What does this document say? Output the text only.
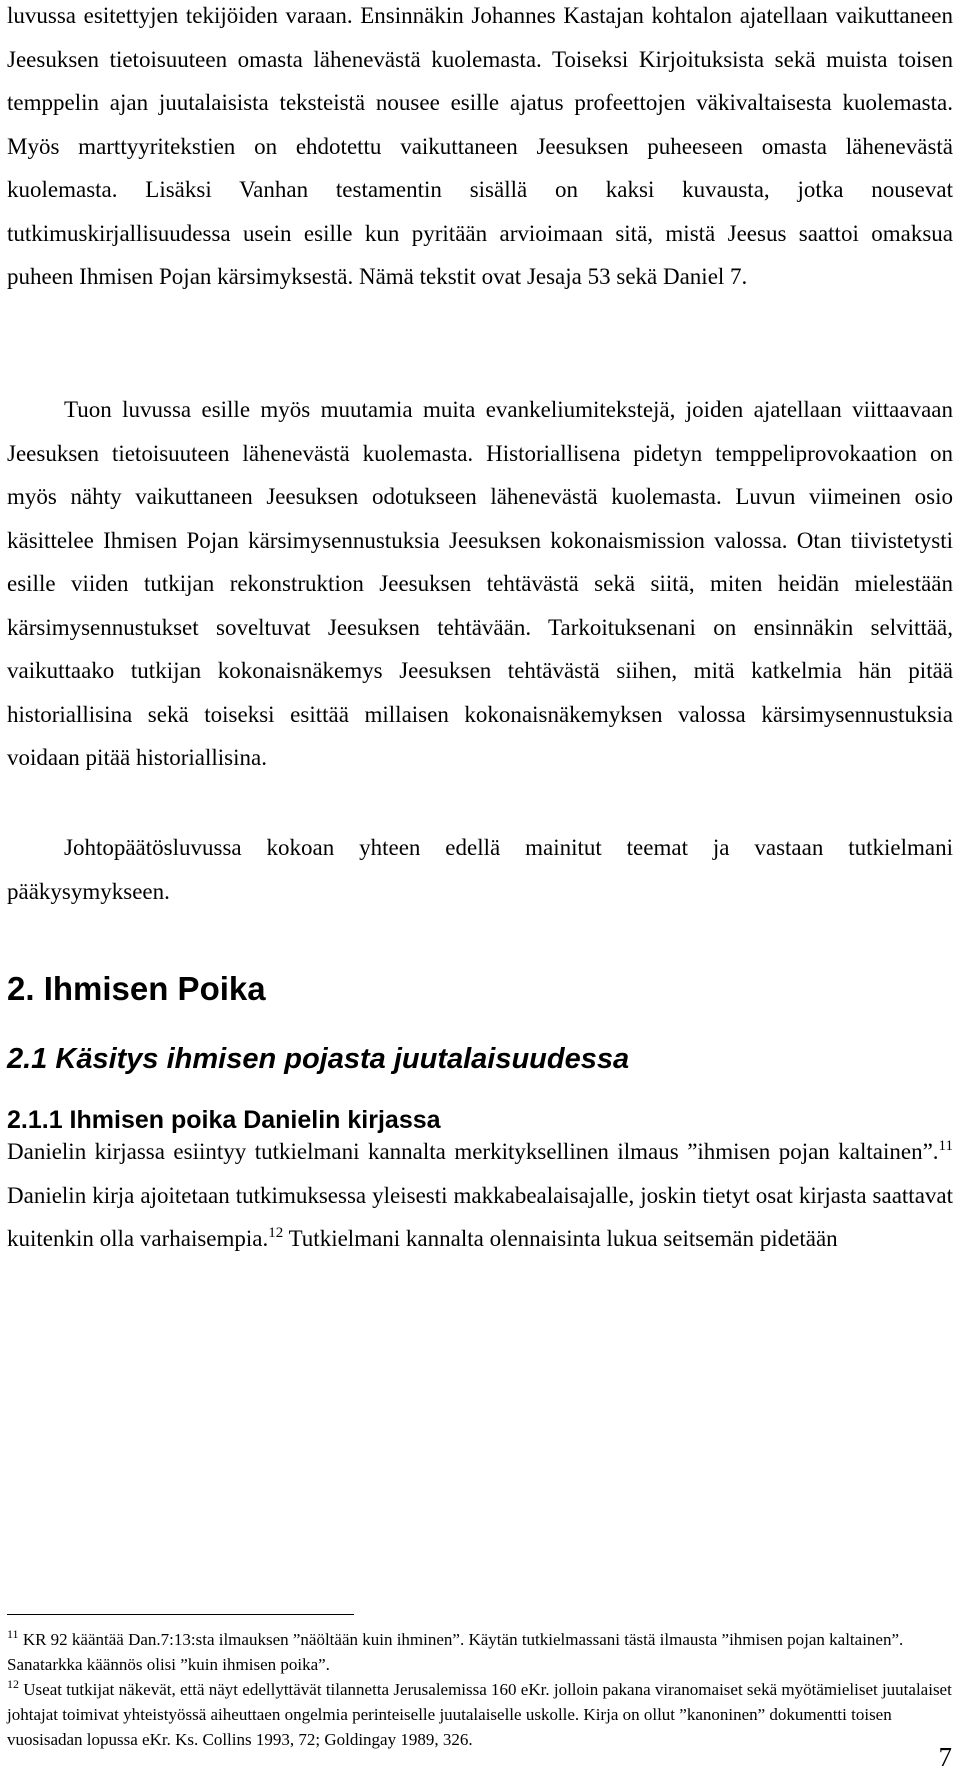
luvussa esitettyjen tekijöiden varaan. Ensinnäkin Johannes Kastajan kohtalon ajatellaan vaikuttaneen Jeesuksen tietoisuuteen omasta lähenevästä kuolemasta. Toiseksi Kirjoituksista sekä muista toisen temppelin ajan juutalaisista teksteistä nousee esille ajatus profeettojen väkivaltaisesta kuolemasta. Myös marttyyritekstien on ehdotettu vaikuttaneen Jeesuksen puheeseen omasta lähenevästä kuolemasta. Lisäksi Vanhan testamentin sisällä on kaksi kuvausta, jotka nousevat tutkimuskirjallisuudessa usein esille kun pyritään arvioimaan sitä, mistä Jeesus saattoi omaksua puheen Ihmisen Pojan kärsimyksestä. Nämä tekstit ovat Jesaja 53 sekä Daniel 7.

Tuon luvussa esille myös muutamia muita evankeliumitekstejä, joiden ajatellaan viittaavaan Jeesuksen tietoisuuteen lähenevästä kuolemasta. Historiallisena pidetyn temppeliprovokaation on myös nähty vaikuttaneen Jeesuksen odotukseen lähenevästä kuolemasta. Luvun viimeinen osio käsittelee Ihmisen Pojan kärsimysennustuksia Jeesuksen kokonaismission valossa. Otan tiivistetysti esille viiden tutkijan rekonstruktion Jeesuksen tehtävästä sekä siitä, miten heidän mielestään kärsimysennustukset soveltuvat Jeesuksen tehtävään. Tarkoituksenani on ensinnäkin selvittää, vaikuttaako tutkijan kokonaisnäkemys Jeesuksen tehtävästä siihen, mitä katkelmia hän pitää historiallisina sekä toiseksi esittää millaisen kokonaisnäkemyksen valossa kärsimysennustuksia voidaan pitää historiallisina.

Johtopäätösluvussa kokoan yhteen edellä mainitut teemat ja vastaan tutkielmani pääkysymykseen.

2. Ihmisen Poika
2.1 Käsitys ihmisen pojasta juutalaisuudessa
2.1.1 Ihmisen poika Danielin kirjassa

Danielin kirjassa esiintyy tutkielmani kannalta merkityksellinen ilmaus ”ihmisen pojan kaltainen”.$^{11}$ Danielin kirja ajoitetaan tutkimuksessa yleisesti makkabealaisajalle, joskin tietyt osat kirjasta saattavat kuitenkin olla varhaisempia.$^{12}$ Tutkielmani kannalta olennaisinta lukua seitsemän pidetään

$^{11}$ KR 92 kääntää Dan.7:13:sta ilmauksen ”näöltään kuin ihminen”. Käytän tutkielmassani tästä ilmausta ”ihmisen pojan kaltainen”. Sanatarkka käännös olisi ”kuin ihmisen poika”.

$^{12}$ Useat tutkijat näkevät, että näyt edellyttävät tilannetta Jerusalemissa 160 eKr. jolloin pakana viranomaiset sekä myötämieliset juutalaiset johtajat toimivat yhteistyössä aiheuttaen ongelmia perinteiselle juutalaiselle uskolle. Kirja on ollut ”kanoninen” dokumentti toisen vuosisadan lopussa eKr. Ks. Collins 1993, 72; Goldingay 1989, 326.

7
